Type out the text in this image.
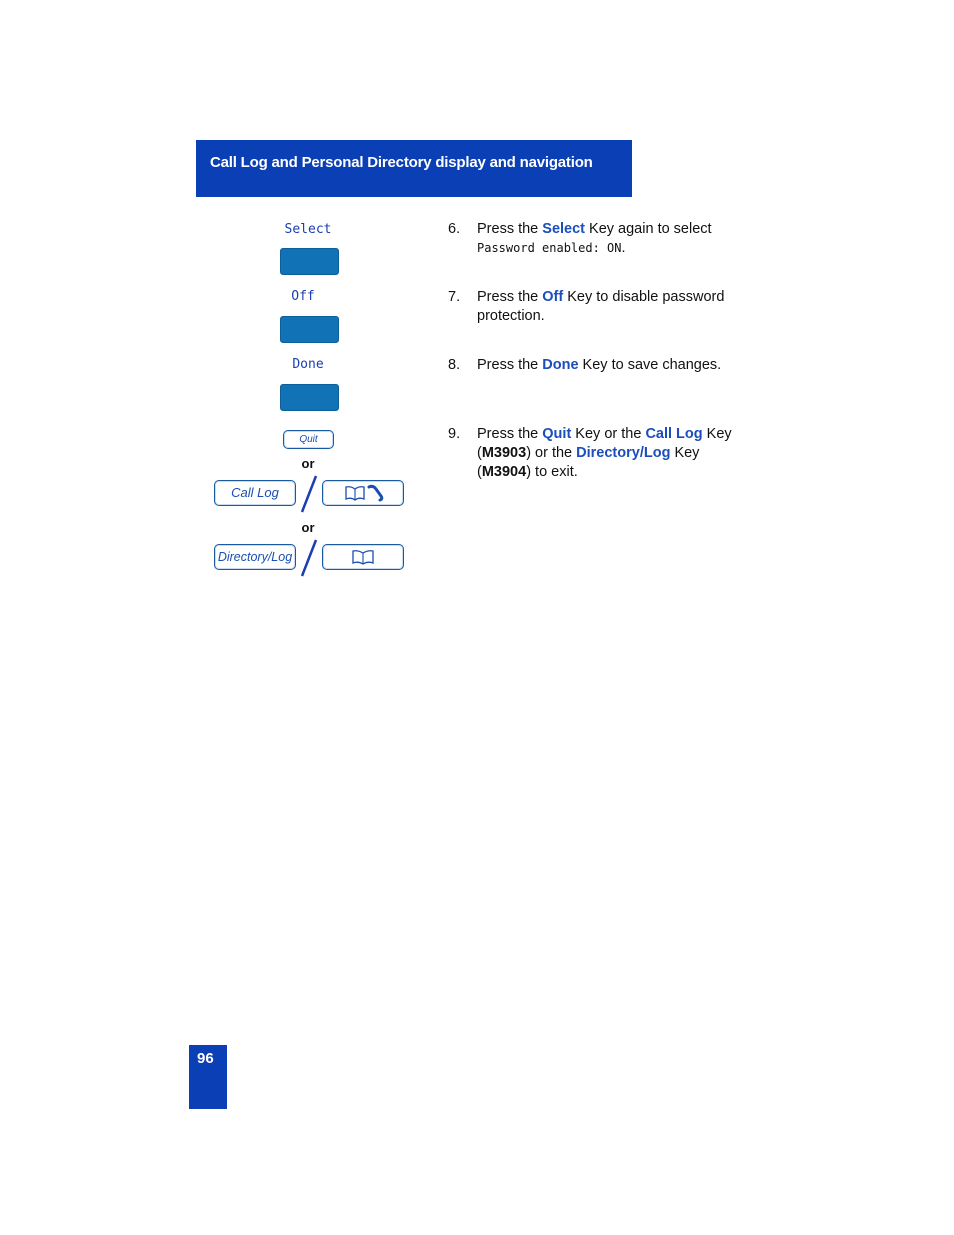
Call Log and Personal Directory display and navigation
Select
Off
Done
Quit
or
Call Log
or
Directory/Log
6. Press the Select Key again to select
Password enabled: ON.
7. Press the Off Key to disable password protection.
8. Press the Done Key to save changes.
9. Press the Quit Key or the Call Log Key (M3903) or the Directory/Log Key (M3904) to exit.
96
